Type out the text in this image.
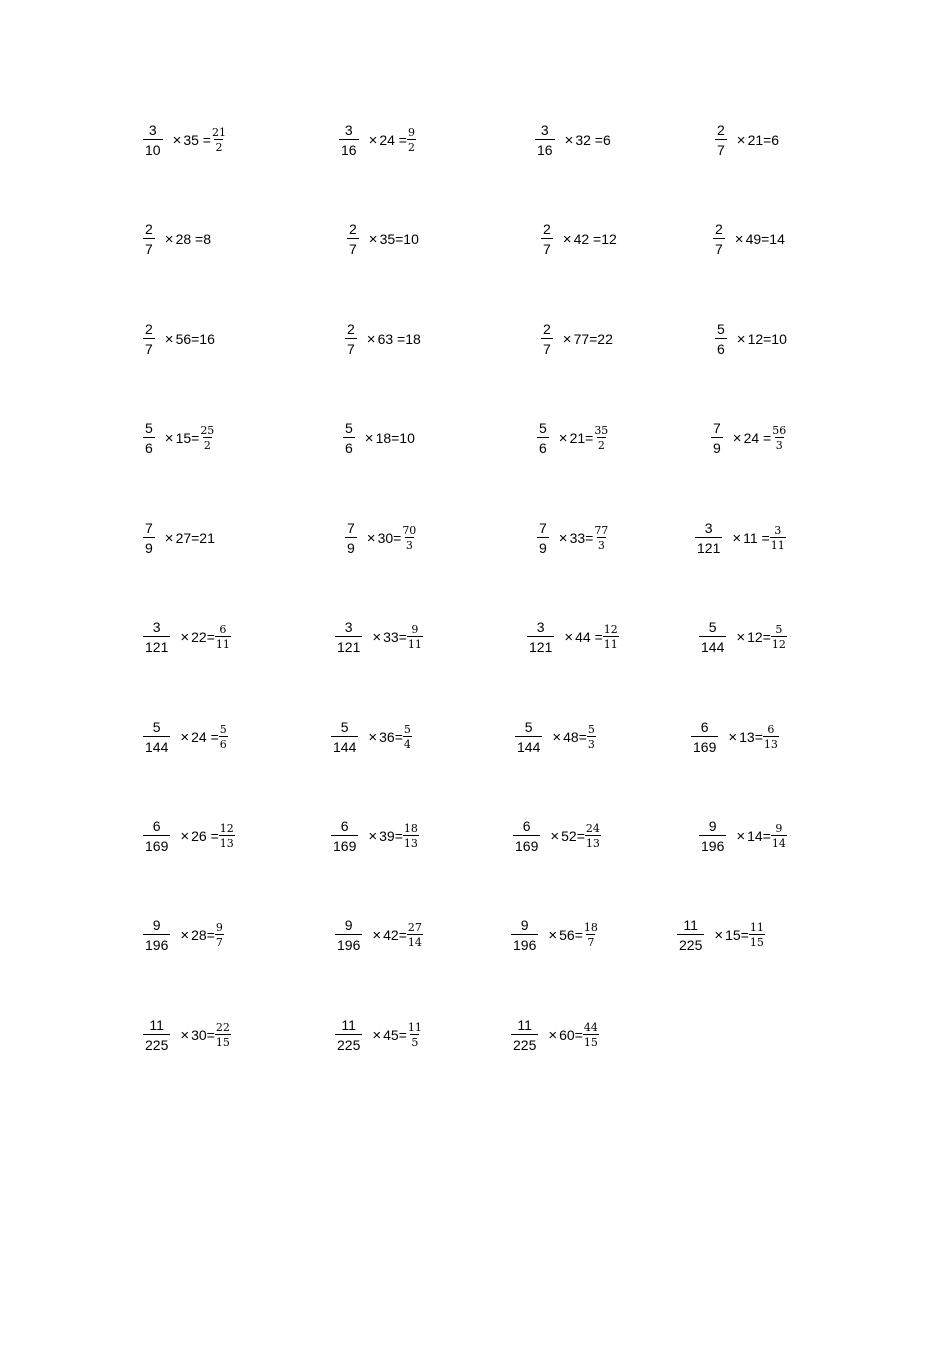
$\frac{3}{10} \times 35 = \frac{21}{2}$	$\frac{3}{16} \times 24 = \frac{9}{2}$	$\frac{3}{16} \times 32 =6$	$\frac{2}{7} \times 21=6$
$\frac{2}{7} \times 28 =8$	$\frac{2}{7} \times 35=10$	$\frac{2}{7} \times 42 =12$	$\frac{2}{7} \times 49=14$
$\frac{2}{7} \times 56=16$	$\frac{2}{7} \times 63 =18$	$\frac{2}{7} \times 77=22$	$\frac{5}{6} \times 12=10$
$\frac{5}{6} \times 15= \frac{25}{2}$	$\frac{5}{6} \times 18=10$	$\frac{5}{6} \times 21= \frac{35}{2}$	$\frac{7}{9} \times 24 = \frac{56}{3}$
$\frac{7}{9} \times 27=21$	$\frac{7}{9} \times 30= \frac{70}{3}$	$\frac{7}{9} \times 33= \frac{77}{3}$	$\frac{3}{121} \times 11 = \frac{3}{11}$
$\frac{3}{121} \times 22= \frac{6}{11}$	$\frac{3}{121} \times 33= \frac{9}{11}$	$\frac{3}{121} \times 44 = \frac{12}{11}$	$\frac{5}{144} \times 12= \frac{5}{12}$
$\frac{5}{144} \times 24 = \frac{5}{6}$	$\frac{5}{144} \times 36= \frac{5}{4}$	$\frac{5}{144} \times 48= \frac{5}{3}$	$\frac{6}{169} \times 13= \frac{6}{13}$
$\frac{6}{169} \times 26 = \frac{12}{13}$	$\frac{6}{169} \times 39= \frac{18}{13}$	$\frac{6}{169} \times 52= \frac{24}{13}$	$\frac{9}{196} \times 14= \frac{9}{14}$
$\frac{9}{196} \times 28= \frac{9}{7}$	$\frac{9}{196} \times 42= \frac{27}{14}$	$\frac{9}{196} \times 56= \frac{18}{7}$	$\frac{11}{225} \times 15= \frac{11}{15}$
$\frac{11}{225} \times 30= \frac{22}{15}$	$\frac{11}{225} \times 45= \frac{11}{5}$	$\frac{11}{225} \times 60= \frac{44}{15}$
